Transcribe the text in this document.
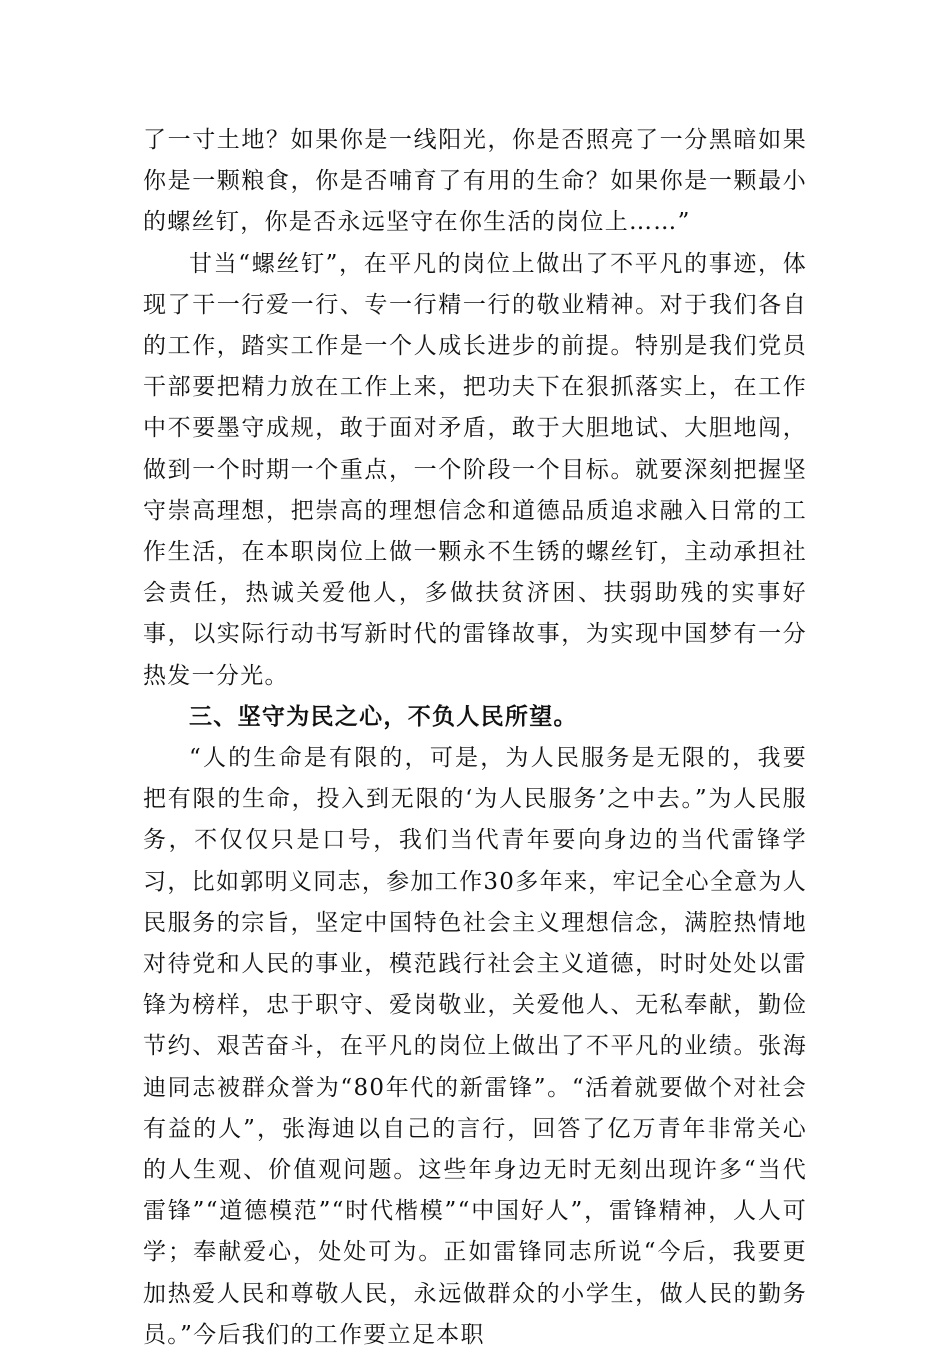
了一寸土地？如果你是一线阳光，你是否照亮了一分黑暗如果你是一颗粮食，你是否哺育了有用的生命？如果你是一颗最小的螺丝钉，你是否永远坚守在你生活的岗位上……”

甘当“螺丝钉”，在平凡的岗位上做出了不平凡的事迹，体现了干一行爱一行、专一行精一行的敬业精神。对于我们各自的工作，踏实工作是一个人成长进步的前提。特别是我们党员干部要把精力放在工作上来，把功夫下在狠抓落实上，在工作中不要墨守成规，敢于面对矛盾，敢于大胆地试、大胆地闯，做到一个时期一个重点，一个阶段一个目标。就要深刻把握坚守崇高理想，把崇高的理想信念和道德品质追求融入日常的工作生活，在本职岗位上做一颗永不生锈的螺丝钉，主动承担社会责任，热诚关爱他人，多做扶贫济困、扶弱助残的实事好事，以实际行动书写新时代的雷锋故事，为实现中国梦有一分热发一分光。

三、坚守为民之心，不负人民所望。

“人的生命是有限的，可是，为人民服务是无限的，我要把有限的生命，投入到无限的‘为人民服务’之中去。”为人民服务，不仅仅只是口号，我们当代青年要向身边的当代雷锋学习，比如郭明义同志，参加工作30多年来，牢记全心全意为人民服务的宗旨，坚定中国特色社会主义理想信念，满腔热情地对待党和人民的事业，模范践行社会主义道德，时时处处以雷锋为榜样，忠于职守、爱岗敬业，关爱他人、无私奉献，勤俭节约、艰苦奋斗，在平凡的岗位上做出了不平凡的业绩。张海迪同志被群众誉为“80年代的新雷锋”。“活着就要做个对社会有益的人”，张海迪以自己的言行，回答了亿万青年非常关心的人生观、价值观问题。这些年身边无时无刻出现许多“当代雷锋”“道德模范”“时代楷模”“中国好人”，雷锋精神，人人可学；奉献爱心，处处可为。正如雷锋同志所说“今后，我要更加热爱人民和尊敬人民，永远做群众的小学生，做人民的勤务员。”今后我们的工作要立足本职
